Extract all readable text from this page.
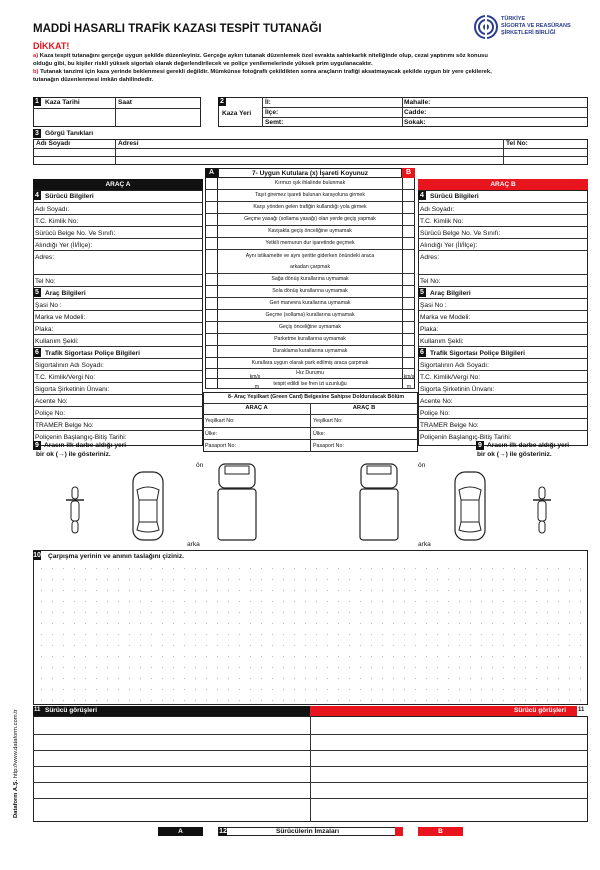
MADDİ HASARLI TRAFİK KAZASI TESPİT TUTANAĞI
TÜRKİYE
SİGORTA VE REASÜRANS
ŞİRKETLERİ BİRLİĞİ
DİKKAT!
a) Kaza tespit tutanağını gerçeğe uygun şekilde düzenleyiniz. Gerçeğe aykırı tutanak düzenlemek özel evrakta sahtekarlık niteliğinde olup, cezai yaptırımı söz konusu
olduğu gibi, bu kişiler riskli yüksek sigortalı olarak değerlendirilecek ve poliçe yenilemelerinde yüksek prim uygulanacaktır.
b) Tutanak tanzimi için kaza yerinde beklenmesi gerekli değildir. Mümkünse fotoğraflı çekildikten sonra araçların trafiği aksatmayacak şekilde uygun bir yere çekilerek,
tutanağın düzenlenmesi imkân dahilindedir.
1 Kaza Tarihi	Saat	2
Kaza Yeri
İl:
İlçe:
Semt:
Mahalle:
Cadde:
Sokak:
3 Görgü Tanıkları
Adı Soyadı	Adresi	Tel No:
A	7- Uygun Kutulara (x) İşareti Koyunuz	B
ARAÇ A	ARAÇ B
4 Sürücü Bilgileri
Adı Soyadı:
T.C. Kimlik No:
Sürücü Belge No. Ve Sınıfı:
Alındığı Yer (İl/İlçe):
Adres:
Tel No:
5 Araç Bilgileri
Şasi No :
Marka ve Modeli:
Plaka:
Kullanım Şekli:
6 Trafik Sigortası Poliçe Bilgileri
Sigortalının Adı Soyadı:
T.C. Kimlik/Vergi No:
Sigorta Şirketinin Ünvanı:
Acente No:
Poliçe No:
TRAMER Belge No:
Poliçenin Başlangıç-Bitiş Tarihi:
4 Sürücü Bilgileri
Adı Soyadı:
T.C. Kimlik No:
Sürücü Belge No. Ve Sınıfı:
Alındığı Yer (İl/İlçe):
Adres:
Tel No:
5 Araç Bilgileri
Şasi No :
Marka ve Modeli:
Plaka:
Kullanım Şekli:
6 Trafik Sigortası Poliçe Bilgileri
Sigortalının Adı Soyadı:
T.C. Kimlik/Vergi No:
Sigorta Şirketinin Ünvanı:
Acente No:
Poliçe No:
TRAMER Belge No:
Poliçenin Başlangıç-Bitiş Tarihi:
Kırmızı ışık ihlalinde bulunmak
Taşıt giremez işareti bulunan karayoluna girmek
Karşı yönden gelen trafiğin kullandığı yola girmek
Geçme yasağı (sollama yasağı) olan yerde geçiş yapmak
Kavşakta geçiş önceliğine uymamak
Yetkili memurun dur işaretinde geçmek
Aynı istikamette ve aynı şeritte giderken önündeki araca
arkadan çarpmak
Sağa dönüş kurallarına uymamak
Sola dönüş kurallarına uymamak
Geri manevra kurallarına uymamak
Geçme (sollama) kurallarına uymamak
Geçiş önceliğine uymamak
Parketme kurallarına uymamak
Duraklama kurallarına uymamak
Kurallara uygun olarak park edilmiş araca çarpmak
Hız Durumu
km/s	km/s
tespit edildi ise fren izi uzunluğu
m	m
8- Araç Yeşilkart (Green Card) Belgesine Sahipse Doldurulacak Bölüm
ARAÇ A	ARAÇ B
Yeşilkart No:	Yeşilkart No:
Ülke:	Ülke:
Pasaport No:	Pasaport No:
9 Aracın ilk darbe aldığı yeri
bir ok (→) ile gösteriniz.
9 Aracın ilk darbe aldığı yeri
bir ok (→) ile gösteriniz.
ön
arka
ön
arka
10 Çarpışma yerinin ve anının taslağını çiziniz.
11 Sürücü görüşleri	Sürücü görüşleri 11
Dataform A.Ş. http://www.dataform.com.tr
A	12	Sürücülerin İmzaları	B
